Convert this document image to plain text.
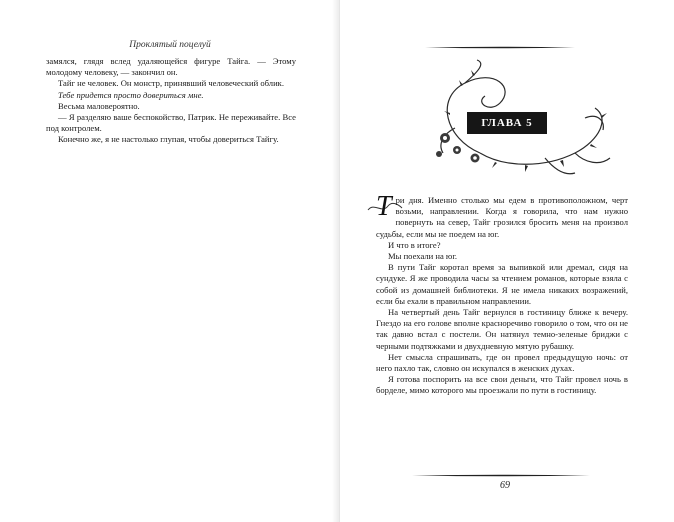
Проклятый поцелуй

замялся, глядя вслед удаляющейся фигуре Тайга. — Этому молодому человеку, — закончил он.

Тайг не человек. Он монстр, принявший человеческий облик.

Тебе придется просто довериться мне.

Весьма маловероятно.

— Я разделяю ваше беспокойство, Патрик. Не переживайте. Все под контролем.

Конечно же, я не настолько глупая, чтобы довериться Тайгу.

ГЛАВА 5

Три дня. Именно столько мы едем в противоположном, черт возьми, направлении. Когда я говорила, что нам нужно повернуть на север, Тайг грозился бросить меня на произвол судьбы, если мы не поедем на юг.

И что в итоге?

Мы поехали на юг.

В пути Тайг коротал время за выпивкой или дремал, сидя на сундуке. Я же проводила часы за чтением романов, которые взяла с собой из домашней библиотеки. Я не имела никаких возражений, если бы ехали в правильном направлении.

На четвертый день Тайг вернулся в гостиницу ближе к вечеру. Гнездо на его голове вполне красноречиво говорило о том, что он не так давно встал с постели. Он натянул темно-зеленые бриджи с черными подтяжками и двухдневную мятую рубашку.

Нет смысла спрашивать, где он провел предыдущую ночь: от него пахло так, словно он искупался в женских духах.

Я готова поспорить на все свои деньги, что Тайг провел ночь в борделе, мимо которого мы проезжали по пути в гостиницу.

69
